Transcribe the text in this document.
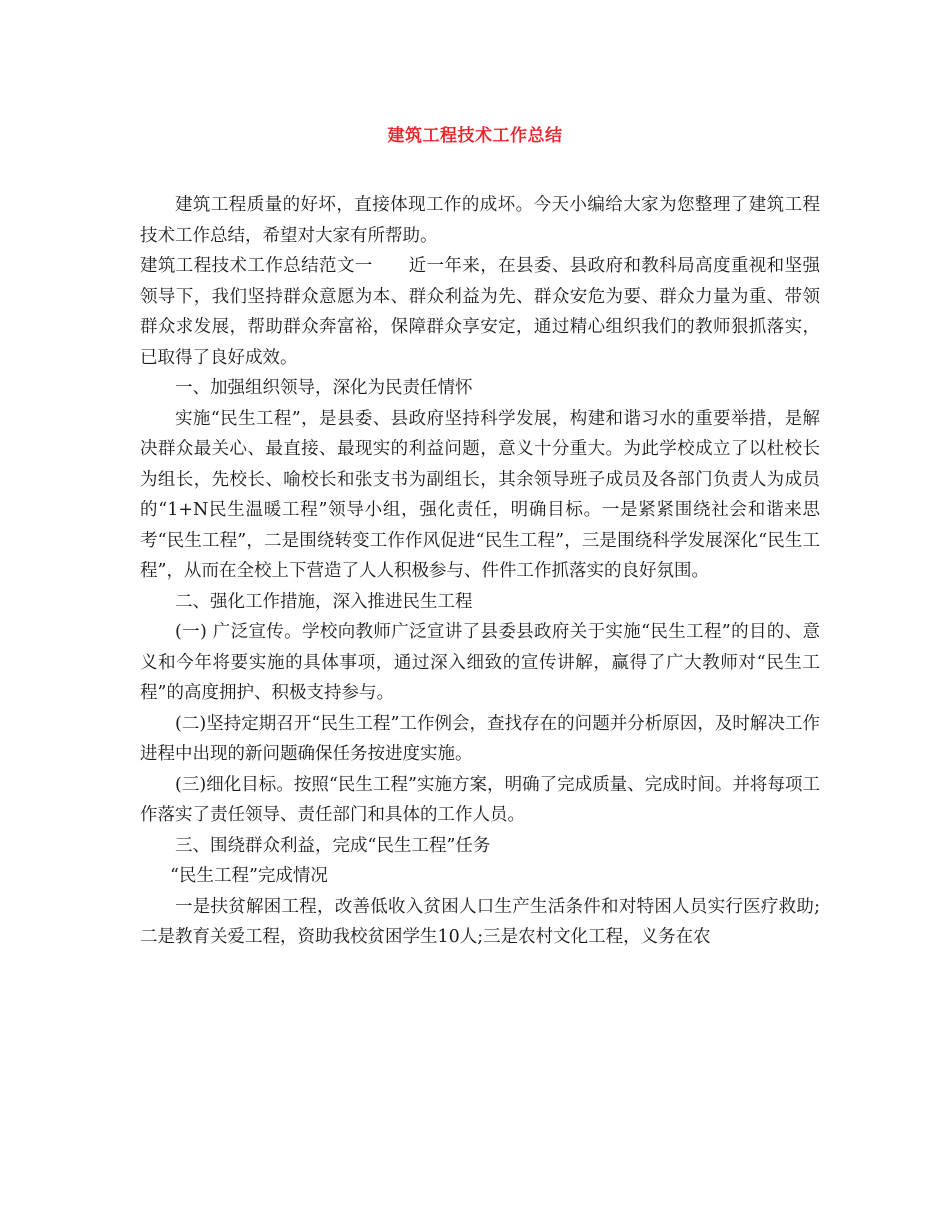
建筑工程技术工作总结

建筑工程质量的好坏，直接体现工作的成坏。今天小编给大家为您整理了建筑工程技术工作总结，希望对大家有所帮助。

建筑工程技术工作总结范文一　　近一年来，在县委、县政府和教科局高度重视和坚强领导下，我们坚持群众意愿为本、群众利益为先、群众安危为要、群众力量为重、带领群众求发展，帮助群众奔富裕，保障群众享安定，通过精心组织我们的教师狠抓落实，已取得了良好成效。

一、加强组织领导，深化为民责任情怀

实施“民生工程”，是县委、县政府坚持科学发展，构建和谐习水的重要举措，是解决群众最关心、最直接、最现实的利益问题，意义十分重大。为此学校成立了以杜校长为组长，先校长、喻校长和张支书为副组长，其余领导班子成员及各部门负责人为成员的“1+N民生温暖工程”领导小组，强化责任，明确目标。一是紧紧围绕社会和谐来思考“民生工程”，二是围绕转变工作作风促进“民生工程”，三是围绕科学发展深化“民生工程”，从而在全校上下营造了人人积极参与、件件工作抓落实的良好氛围。

二、强化工作措施，深入推进民生工程

(一) 广泛宣传。学校向教师广泛宣讲了县委县政府关于实施“民生工程”的目的、意义和今年将要实施的具体事项，通过深入细致的宣传讲解，赢得了广大教师对“民生工程”的高度拥护、积极支持参与。

(二)坚持定期召开“民生工程”工作例会，查找存在的问题并分析原因，及时解决工作进程中出现的新问题确保任务按进度实施。

(三)细化目标。按照“民生工程”实施方案，明确了完成质量、完成时间。并将每项工作落实了责任领导、责任部门和具体的工作人员。

三、围绕群众利益，完成“民生工程”任务

“民生工程”完成情况

一是扶贫解困工程，改善低收入贫困人口生产生活条件和对特困人员实行医疗救助;二是教育关爱工程，资助我校贫困学生10人;三是农村文化工程，义务在农
